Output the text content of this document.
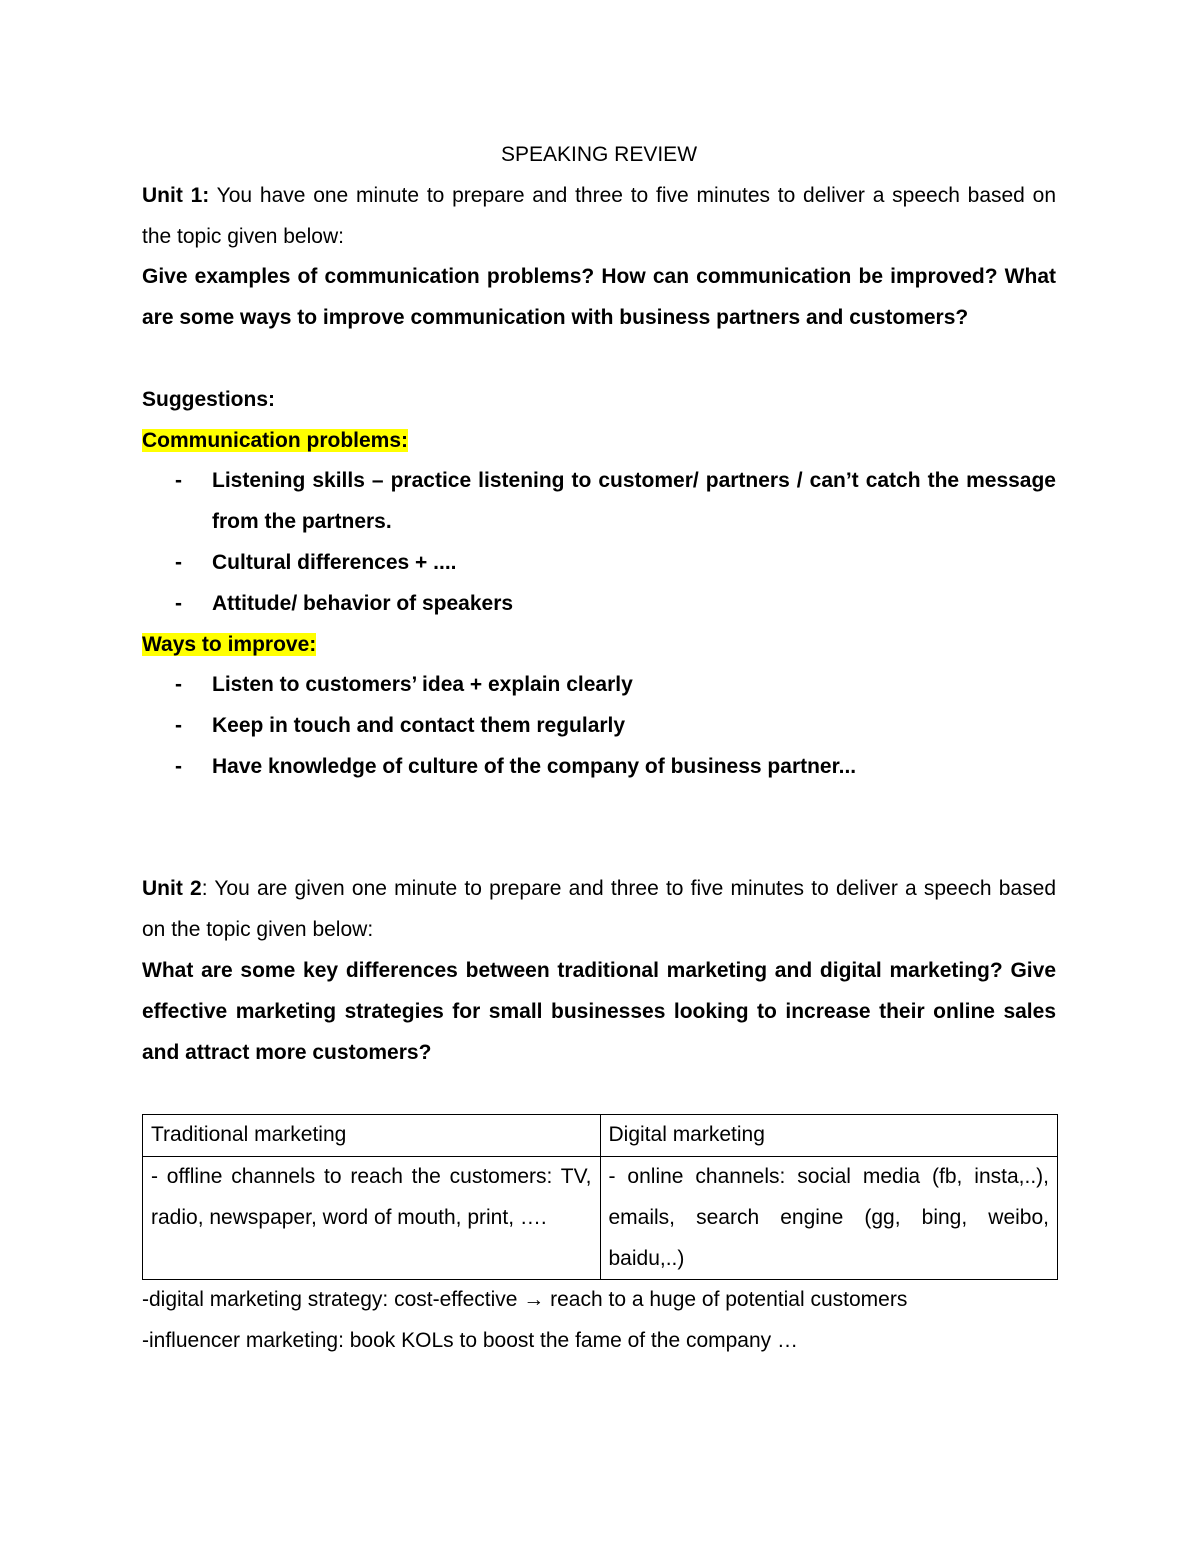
SPEAKING REVIEW

Unit 1: You have one minute to prepare and three to five minutes to deliver a speech based on the topic given below:

Give examples of communication problems? How can communication be improved? What are some ways to improve communication with business partners and customers?

Suggestions:

Communication problems:

- Listening skills – practice listening to customer/ partners / can’t catch the message from the partners.
- Cultural differences + ....
- Attitude/ behavior of speakers

Ways to improve:

- Listen to customers’ idea + explain clearly
- Keep in touch and contact them regularly
- Have knowledge of culture of the company of business partner...

Unit 2: You are given one minute to prepare and three to five minutes to deliver a speech based on the topic given below:

What are some key differences between traditional marketing and digital marketing? Give effective marketing strategies for small businesses looking to increase their online sales and attract more customers?

Traditional marketing	Digital marketing
- offline channels to reach the customers: TV, radio, newspaper, word of mouth, print, ….	- online channels: social media (fb, insta,..), emails, search engine (gg, bing, weibo, baidu,..)

-digital marketing strategy: cost-effective → reach to a huge of potential customers

-influencer marketing: book KOLs to boost the fame of the company …
